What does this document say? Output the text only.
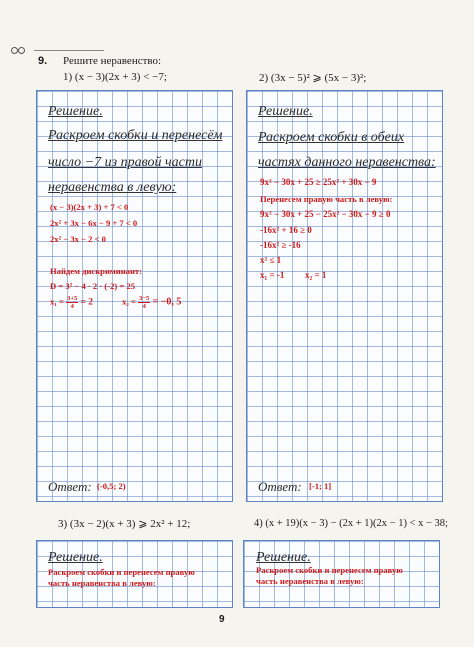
9. Решите неравенство:
1) (x − 3)(2x + 3) < −7;	2) (3x − 5)² ⩾ (5x − 3)²;
Решение.
Раскроем скобки и перенесём
число −7 из правой части
неравенства в левую:
(x − 3)(2x + 3) + 7 < 0
2x² + 3x − 6x − 9 + 7 < 0
2x² − 3x − 2 < 0
Найдем дискриминант:
D = 3² − 4 · 2 · (-2) = 25
$x_1 = \frac{3+5}{4} = 2$	$x_2 = \frac{3-5}{4} = -0$, 5
Ответ: (-0,5; 2)
Решение.
Раскроем скобки в обеих
частях данного неравенства:
9x² − 30x + 25 ≥ 25x² + 30x − 9
Перенесем правую часть в левую:
9x² − 30x + 25 − 25x² − 30x − 9 ≥ 0
-16x² + 16 ≥ 0
-16x² ≥ -16
x² ≤ 1
x₁ = -1 x₂ = 1
Ответ: [-1; 1]
3) (3x − 2)(x + 3) ⩾ 2x² + 12;	4) (x + 19)(x − 3) − (2x + 1)(2x − 1) < x − 38;
Решение.
Раскроем скобки и перенесем правую
часть неравенства в левую:
Решение.
Раскроем скобки и перенесем правую
часть неравенства в левую:
9
